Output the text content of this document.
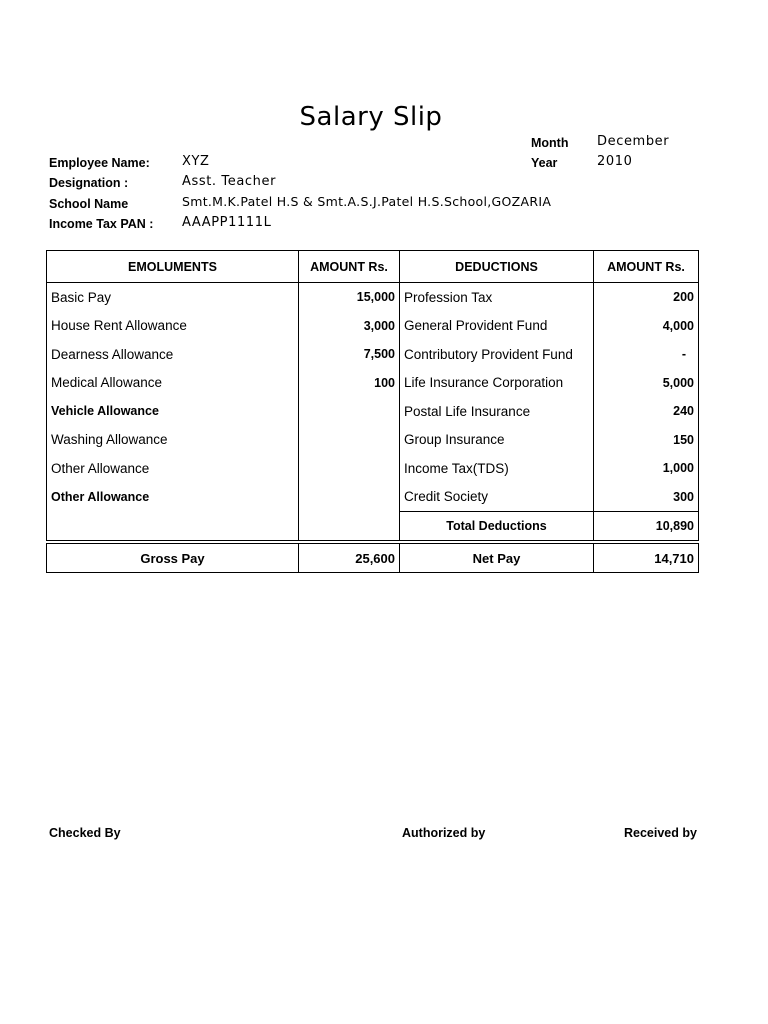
Salary Slip
Month December
Year	2010
Employee Name: XYZ
Designation :	Asst. Teacher
School Name	Smt.M.K.Patel H.S & Smt.A.S.J.Patel H.S.School,GOZARIA
Income Tax PAN : AAAPP1111L
EMOLUMENTS	AMOUNT Rs.	DEDUCTIONS	AMOUNT Rs.
Basic Pay	15,000	Profession Tax	200
House Rent Allowance	3,000	General Provident Fund	4,000
Dearness Allowance	7,500	Contributory Provident Fund	-
Medical Allowance	100	Life Insurance Corporation	5,000
Vehicle Allowance		Postal Life Insurance	240
Washing Allowance		Group Insurance	150
Other Allowance		Income Tax(TDS)	1,000
Other Allowance		Credit Society	300
		Total Deductions	10,890

Gross Pay	25,600	Net Pay	14,710
Checked By	Authorized by	Received by
